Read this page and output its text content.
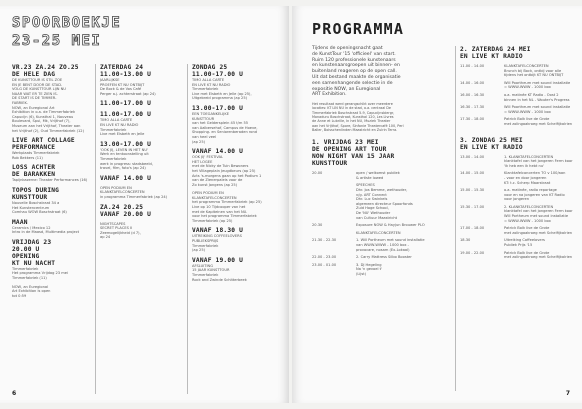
SPOORBOEKJE
23-25 MEI
VR.23 ZA.24 ZO.25
DE HELE DAG
DE KUNSTTOUR IS STIL ZOE
EN JE BENT DOOR DE STAD.
VOLG DE KUNSTTOUR LIJN NU
NAAR WAT ER TE ZIEN IS.
DE START IS DE TIMMER-
FABRIEK.
NOW, an Euregional Art
Exhibition in o.a. de Timmerfabriek
Capucijn (6), Kunsthal 1, Nouveau
Boulevard, Spui, Mk, Vrijthof (7),
Museum aan het Vrijthof, Theater aan
het Vrijthof (2), Oud Timmerfabriek (12)
LIVE ART COLLAGE
PERFORMANCE
Werkplaats Timmerfabriek
Rob Bekkers (11)
LOSS ACHTER
DE BARAKKEN
Tapijnkazerne: Theater Performances (16)
TOPOS DURING KUNSTTOUR
Nouvelle Boschstraat 34 a
Het Kunstencentrum
Comhau WOW Boschstraat (6)
MAAN
Ceramics / Mexico 12
Intro in de Maasd, Multimedia project
VRIJDAG 23
20.00 U
OPENING
KT NU NACHT
Timmerfabriek
Het programma Vrijdag 23 mei
Timmerfabriek (11)
NOW, an Euregional
Art Exhibition is open
tot 0:59
ZATERDAG 24
11.00-13.00 U
JAARLIJKSE
PROEFEN KT NU ONTBIJT
De Bock & de Vos Café
Perger a.j. achterstraat (ap 24)
11.00-17.00 U
11.00-17.00 U
TIMO ALLA CARTE
EN LIVE KT NU RADIO
Timmerfabriek
Live met Elsbeth en Jelle
13.00-17.00 U
'OOK JIJ, LEVEN IN HET NU'
Werk en tentoonstelling uit
Timmerfabriek
werk in progress: stadsbeeld,
travel, film, foto's (ap 24)
VANAF 14.00 U
OPEN PODIUM EN
KLANKTAFELCONCERTEN
in programma Timmerfabriek (ap 24)
ZA.24 20.25
VANAF 20.00 U
NIGHTSCAPES
SECRET PLACES II
Zeemogelijkheid (d 7),
ap 24
ZONDAG 25
11.00-17.00 U
TIMO ALLA CARTE
EN LIVE KT NU RADIO
Timmerfabriek
Live met Elsbeth en Jelle (ap 25),
Uitgebreid programma (ap 25)
13.00-17.00 U
EEN TOEGANKELIJKE
KUNSTTOUR
van het Geldersplein 45 t/m 55
van Aalbersehof, Campus de Hoeve,
Shopping- en Seniorenberaden rond
van heel veel
(ap 25)
VANAF 14.00 U
OOK JIJ' FESTIVAL
HET LOGEE
met de Nicky de Tuin Bewoners
het Villageplain Jeugdbeurs (ap 25)
Acts 's-morgens gaan op het Podium 1
van de Zienerpaleis voor de
Zo kunst Jongens (ap 25)
OPEN PODIUM EN
KLANKTAFELCONCERTEN
het programma Timmerfabriek (ap 25)
Live op 10 Tijdcooper van het
met de Kapiteinen van het NU.
voor het programma Timmerfabriek
Timmerfabriek (ap 25)
VANAF 18.30 U
UITREIKING COFFEELOVERS
PUBLIEKSPRIJS
Timmerfabriek
(ap 25)
VANAF 19.00 U
AFSLUITING
15 JAAR KUNSTTOUR
Timmerfabriek
Rock and Zwinde Schitterbeek
6
PROGRAMMA
Tijdens de openingsnacht gaat
de KunstTour '15 'officieel' van start.
Ruim 120 professionele kunstenaars
en kunstenaarsgroepen uit binnen- en
buitenland reageren op de open call.
Uit dat bestand maakte de organisatie
een samenhangende selectie in de
expositie NOW, an Euregional
ART Exhibition.
Het resultaat werd gerangschikt over meerdere
locaties: KT LIN NU in de stad, o.a. centraal De
Timmerfabriek Boschstraat 5-9, Capucijnsbiergr,
Monaduru Boschstraat, Kunsthal 120, Les Livres
de Anne et Lubrille, In het NU, Muziek Theater
aan het Vrijthof, Spore, Sinfonie Theatercafé 100, Perl
Baller, Boisschenlinden Maastricht en Zulrin Terra.
1. VRIJDAG 23 MEI
DE OPENING ART TOUR
NOW NIGHT VAN 15 JAAR
KUNSTTOUR
20.00	open / welkomst publiek
& artiste lowed
SPEECHES
Dhr. Jos Bemme, wethouder,
v/g. ART Connect
Dhr. Luc Swinkels
algemeen directeur Spoorfonds
Zuid Hoge School,
De 'NU' Wethouder
van Cultuur Maastricht
20.30	Exposure NOW & Hayjun Brouwer PLO
KLANKTAFELCONCERTEN
21.30 - 22.30	1. Will Portheum met sound installatie
van WWW-WWW - 1000 box -
provocare, nosam (Ex-Lokaal)
22.00 - 23.00	2. Carry Mattress Silbo Booster
23.00 - 01.00	3. DJ Hegeling
Na 'n gevoel t'
(Lijst)
2. ZATERDAG 24 MEI
EN LIVE KT RADIO
11.00 - 14.00	KLANKTAFELCONCERTEN
Brunch bij Bock, ontbij voor alle
tijdens het ontbijt KT NU ONTBIJT
14.00 - 16.00	Will Poortheum met sound installatie
= WWW-WWW - 1000 box
16.00 - 16.30	o.a. matinée KT Radio - Oost 2
binnen in het NL - Wouter's Progress
16.30 - 17.30	Will Poortheum met sound installatie
= WWW-WWW - 1000 box
17.30 - 18.00	Patrick Bolk live de Grote
met zolingaakroeg met Schelfijkalrien
3. ZONDAG 25 MEI
EN LIVE KT RADIO
13.00 - 14.00	1. KLANKTAFELCONCERTEN
klanktafel van het jongeren Ferm koor
'ik heb een ik hebt nu'
14.00 - 15.00	Klanktafelconcerten TO v 100/aan
- voor en door jongeren
KT: t.c. Scherp Maarstraat
15.00 - 15.30	o.a. matinée, radio reportage
voor en na jongeren van KT Radio
voor jongeren
15.30 - 17.00	2. KLANKTAFELCONCERTEN
klanktafel van het jongeren Ferm koor
Will Portheum met sound installatie
= WWW-WWW - 1000 box
17.00 - 18.00	Patrick Bolk live de Grote
met zolingaakroeg met Schelfijkalrien
18.30	Uitreiking Coffeelovers
Publiek Prijs '15
19.00 - 22.00	Patrick Bolk live de Grote
met zolingaakroeg met Schelfijkalrien
7
